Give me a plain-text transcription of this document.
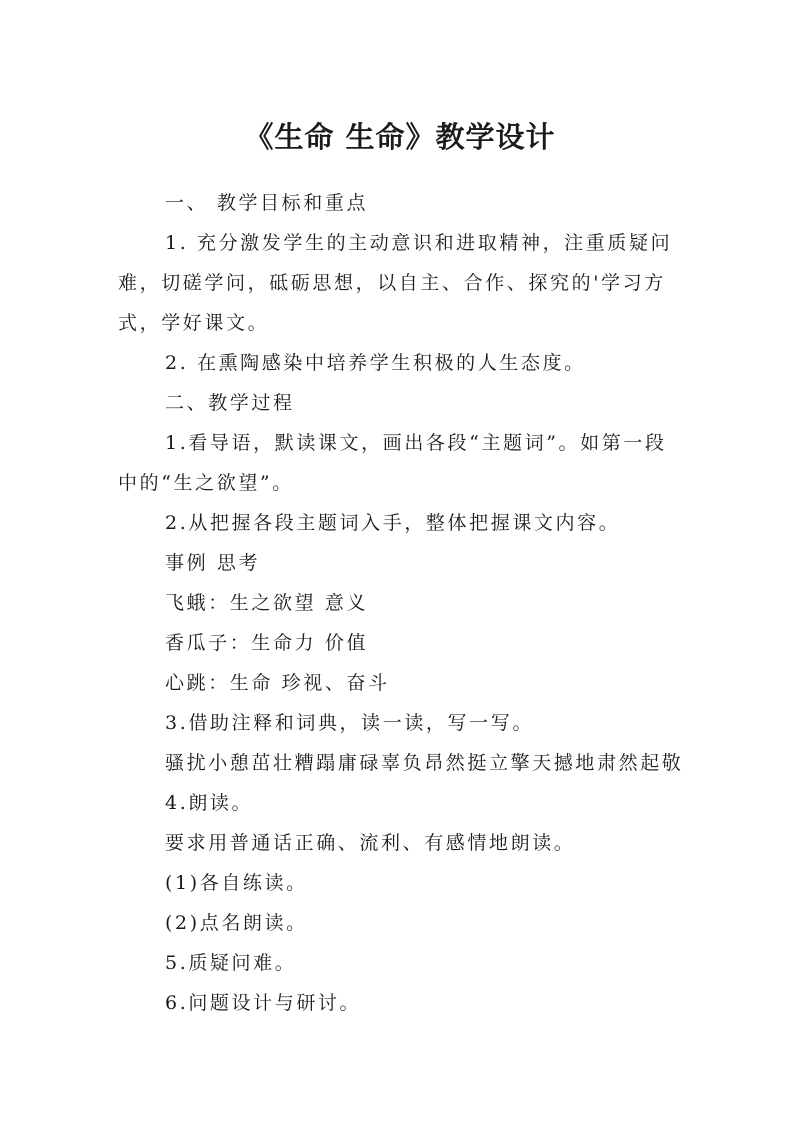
《生命 生命》教学设计

一、 教学目标和重点

1. 充分激发学生的主动意识和进取精神，注重质疑问难，切磋学问，砥砺思想，以自主、合作、探究的'学习方式，学好课文。

2. 在熏陶感染中培养学生积极的人生态度。

二、教学过程

1.看导语，默读课文，画出各段“主题词”。如第一段中的“生之欲望”。

2.从把握各段主题词入手，整体把握课文内容。

事例 思考

飞蛾：生之欲望 意义

香瓜子：生命力 价值

心跳：生命 珍视、奋斗

3.借助注释和词典，读一读，写一写。

骚扰小憩茁壮糟蹋庸碌辜负昂然挺立擎天撼地肃然起敬

4.朗读。

要求用普通话正确、流利、有感情地朗读。

(1)各自练读。

(2)点名朗读。

5.质疑问难。

6.问题设计与研讨。
